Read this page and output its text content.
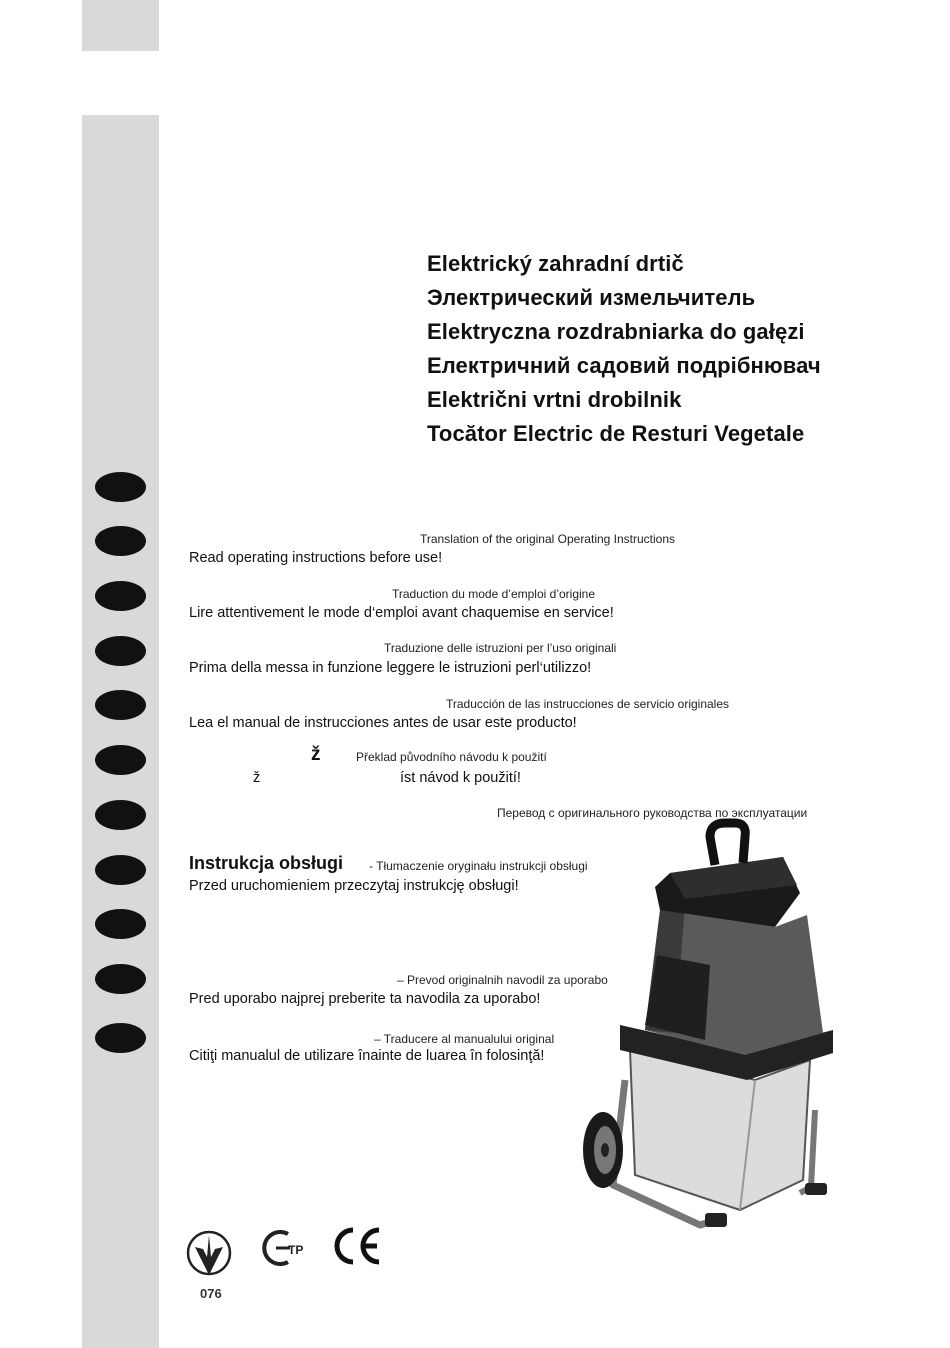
Elektrický zahradní drtič
Электрический измельчитель
Elektryczna rozdrabniarka do gałęzi
Електричний садовий подрібнювач
Električni vrtni drobilnik
Tocător Electric de Resturi Vegetale
Translation of the original Operating Instructions
Read operating instructions before use!
Traduction du mode d’emploi d’origine
Lire attentivement le mode d‘emploi avant chaquemise en service!
Traduzione delle istruzioni per l’uso originali
Prima della messa in funzione leggere le istruzioni perl‘utilizzo!
Traducción de las instrucciones de servicio originales
Lea el manual de instrucciones antes de usar este producto!
ž	Překlad původního návodu k použití
ž	íst návod k použití!
Перевод с оригинального руководства по эксплуатации
Instrukcja obsługi - Tłumaczenie oryginału instrukcji obsługi
Przed uruchomieniem przeczytaj instrukcję obsługi!
– Prevod originalnih navodil za uporabo
Pred uporabo najprej preberite ta navodila za uporabo!
– Traducere al manualului original
Citiţi manualul de utilizare înainte de luarea în folosinţă!
076
TP
CE
